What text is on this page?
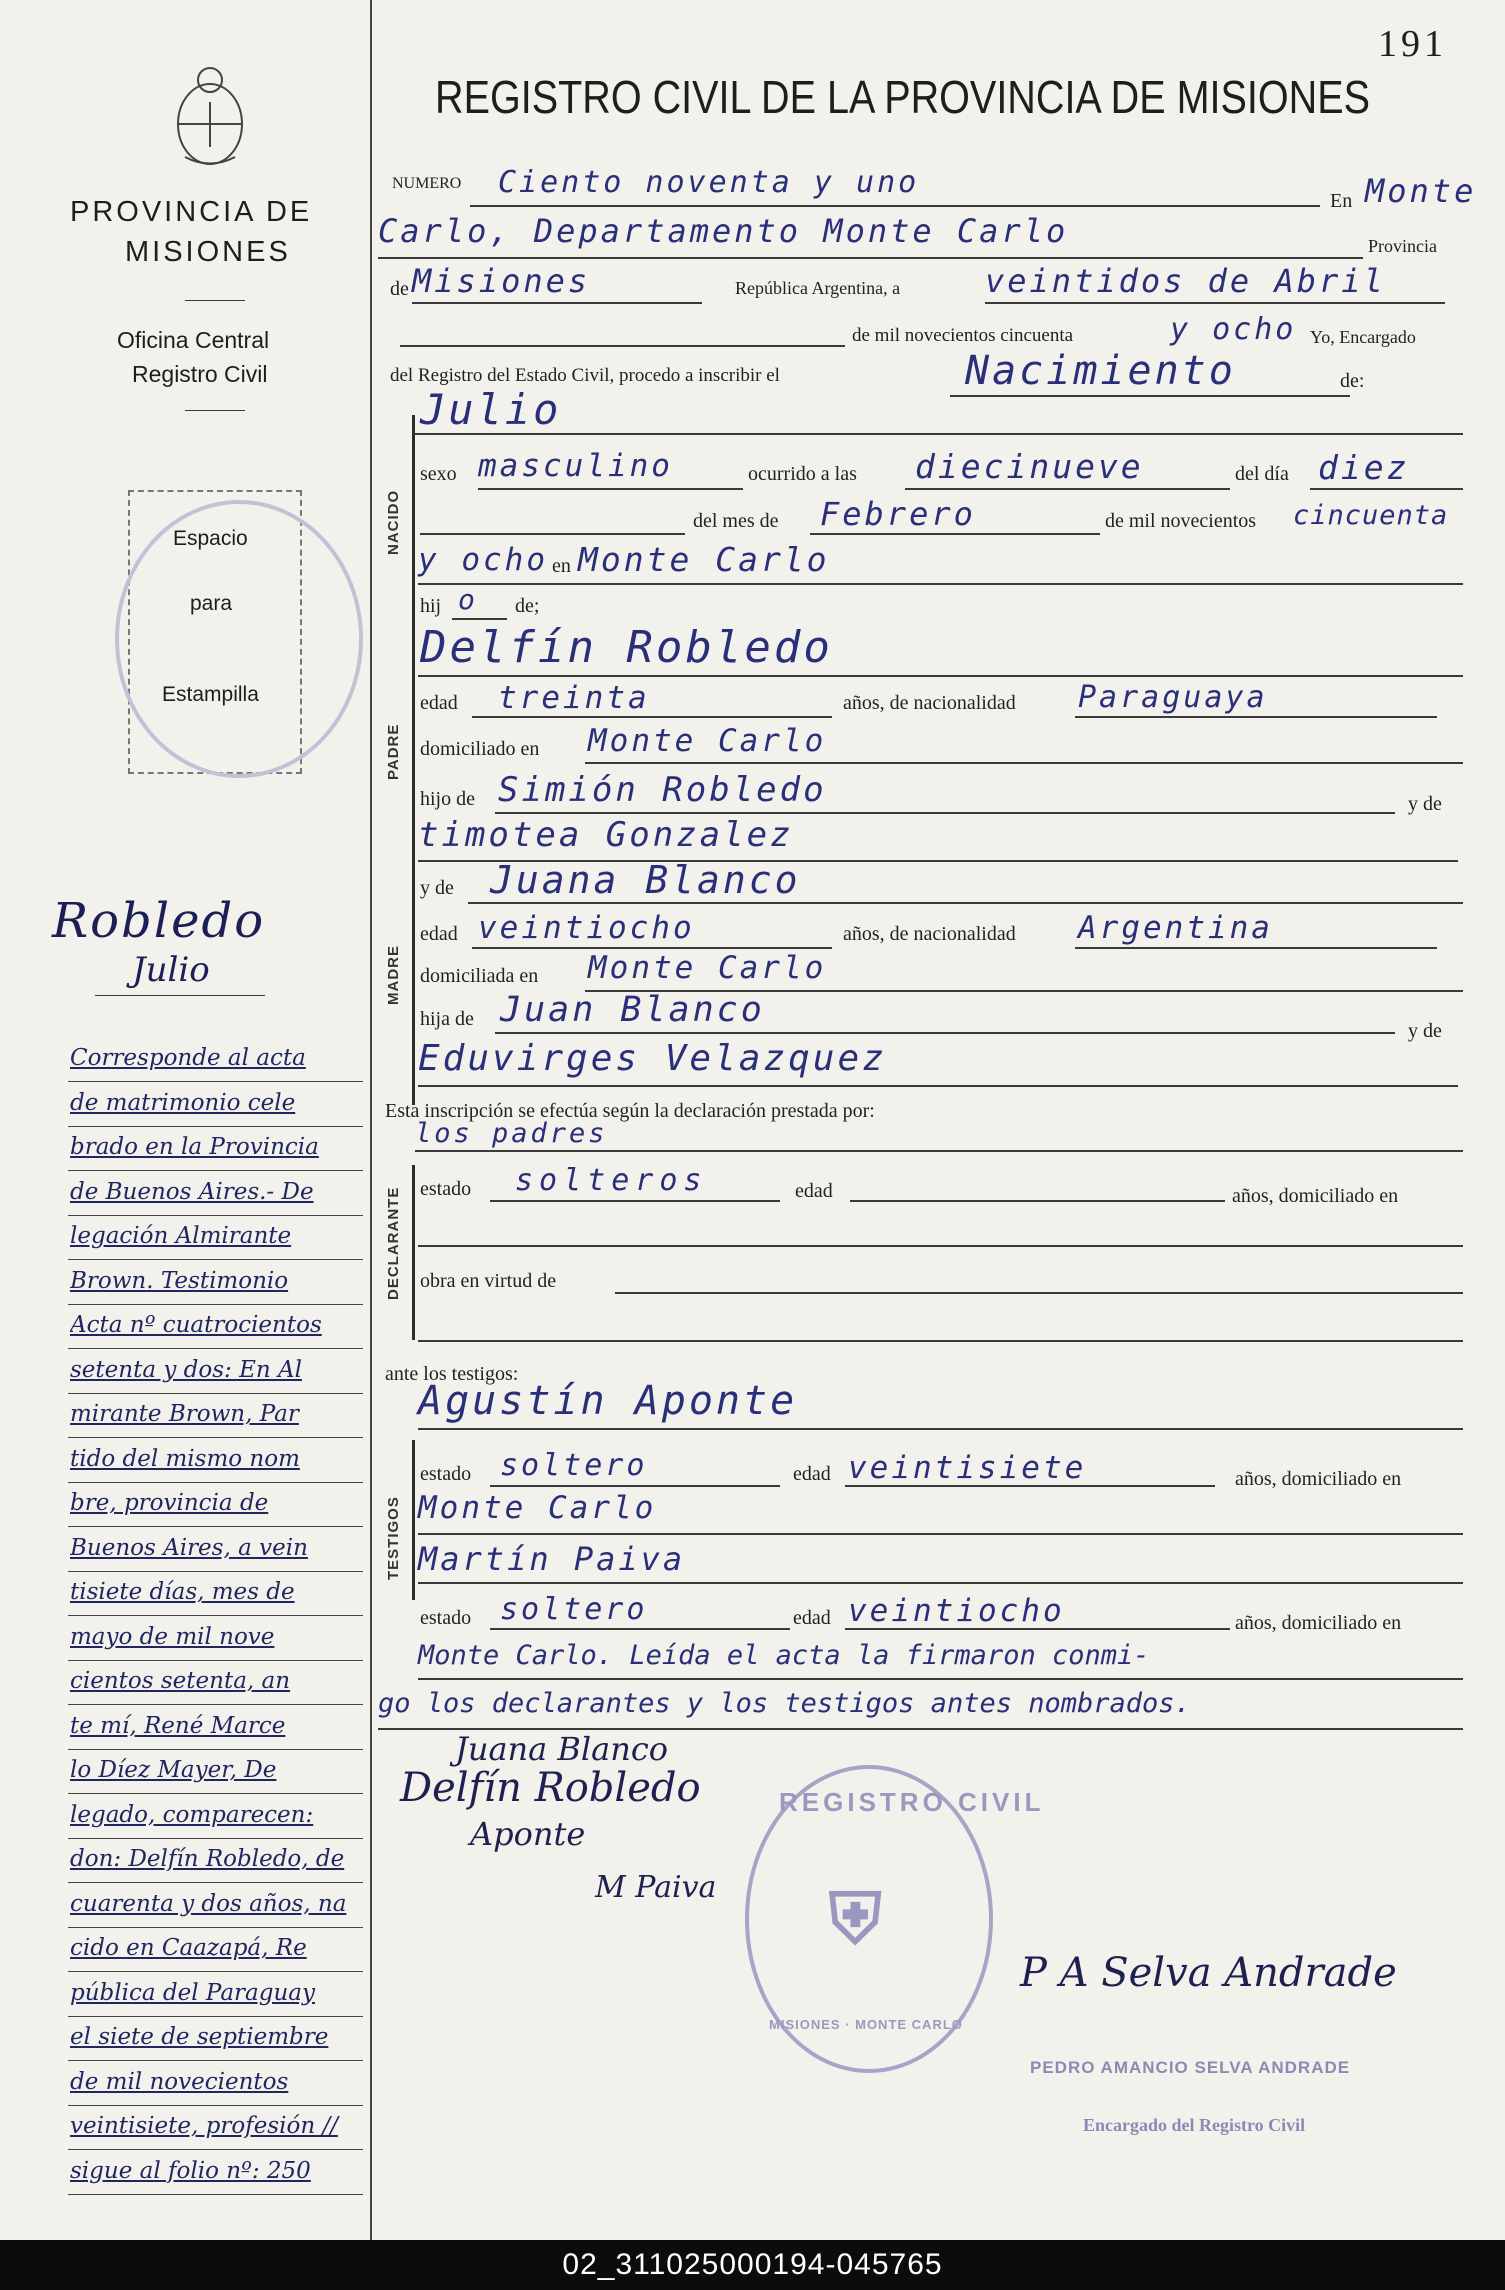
191
REGISTRO CIVIL DE LA PROVINCIA DE MISIONES
PROVINCIA DE
MISIONES
Oficina Central
Registro Civil
Espacio
para
Estampilla
Robledo
Julio
Corresponde al acta
de matrimonio cele
brado en la Provincia
de Buenos Aires.- De
legación Almirante
Brown. Testimonio
Acta nº cuatrocientos
setenta y dos: En Al
mirante Brown, Par
tido del mismo nom
bre, provincia de
Buenos Aires, a vein
tisiete días, mes de
mayo de mil nove
cientos setenta, an
te mí, René Marce
lo Díez Mayer, De
legado, comparecen:
don: Delfín Robledo, de
cuarenta y dos años, na
cido en Caazapá, Re
pública del Paraguay
el siete de septiembre
de mil novecientos
veintisiete, profesión //
sigue al folio nº: 250
NUMERO Ciento noventa y uno
En Monte
Carlo, Departamento Monte Carlo	Provincia
de Misiones	República Argentina, a	veintidos de Abril
de mil novecientos cincuenta	y ocho Yo, Encargado
del Registro del Estado Civil, procedo a inscribir el	Nacimiento	de:
Julio
NACIDO
sexo masculino	ocurrido a las diecinueve	del día diez
del mes de Febrero	de mil novecientos cincuenta
y ocho en Monte Carlo
hij o de;
Delfín Robledo
PADRE
edad treinta	años, de nacionalidad Paraguaya
domiciliado en Monte Carlo
hijo de Simión Robledo	y de
timotea Gonzalez
y de Juana Blanco
MADRE
edad veintiocho	años, de nacionalidad Argentina
domiciliada en Monte Carlo
hija de Juan Blanco
y de
Eduvirges Velazquez
Esta inscripción se efectúa según la declaración prestada por:
los padres
DECLARANTE estado solteros	edad	años, domiciliado en
obra en virtud de
ante los testigos:
Agustín Aponte
TESTIGOS
estado soltero	edad veintisiete	años, domiciliado en
Monte Carlo
Martín Paiva
estado soltero	edad veintiocho	años, domiciliado en
Monte Carlo. Leída el acta la firmaron conmi-
go los declarantes y los testigos antes nombrados.
Juana Blanco
Delfín Robledo
Aponte
M Paiva
REGISTRO CIVIL
⛨
MISIONES · MONTE CARLO
P A Selva Andrade
PEDRO AMANCIO SELVA ANDRADE
Encargado del Registro Civil
02_311025000194-045765
